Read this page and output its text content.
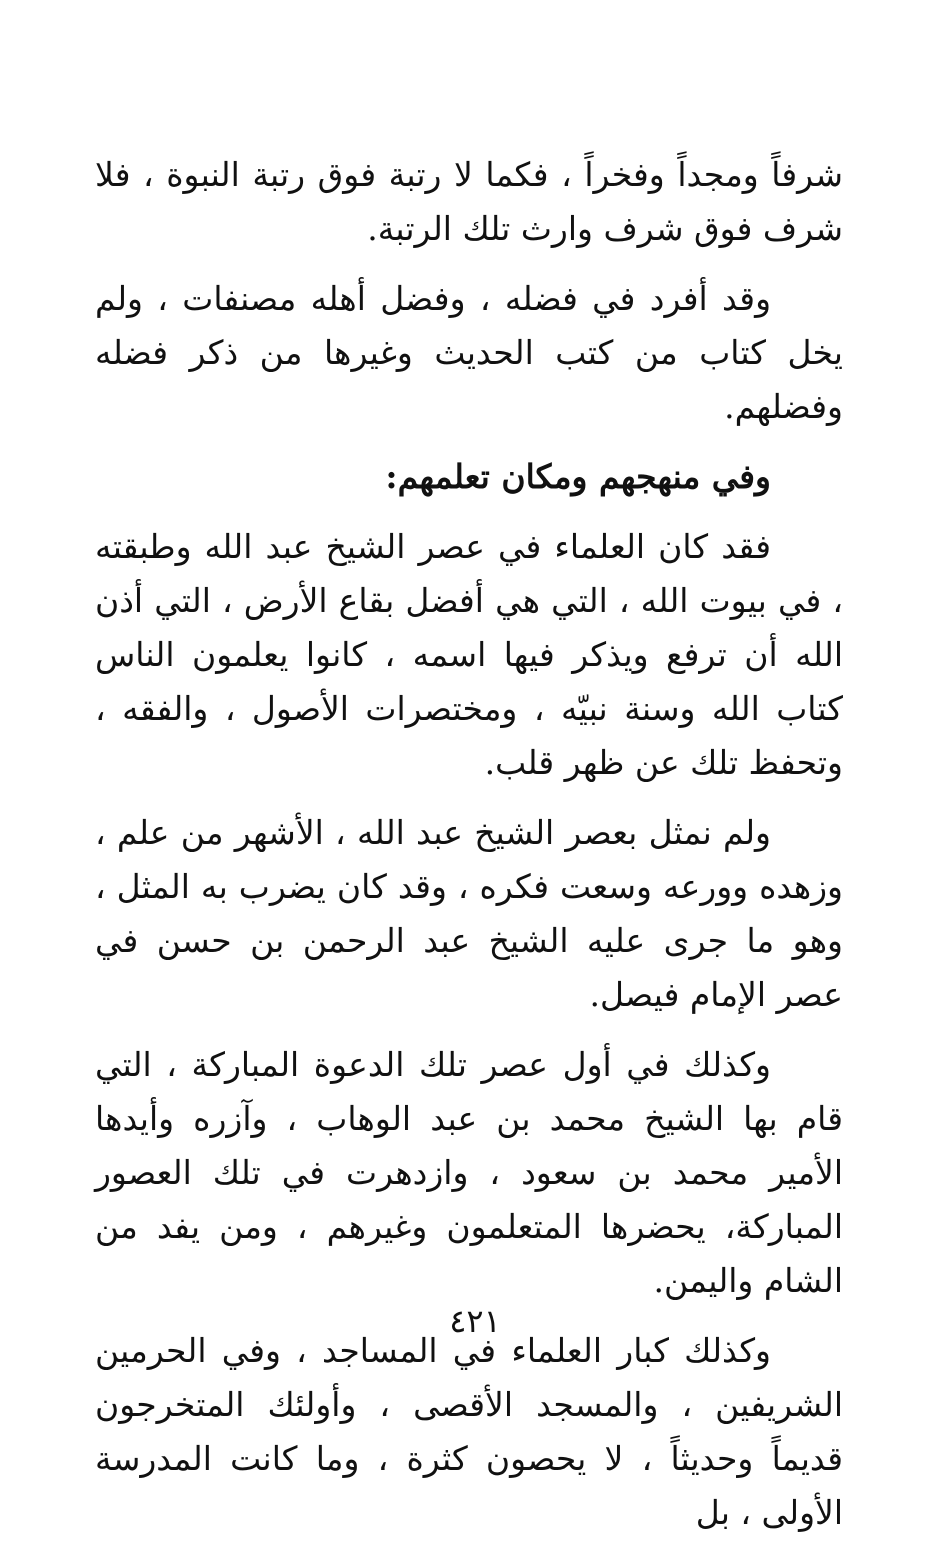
شرفاً ومجداً وفخراً ، فكما لا رتبة فوق رتبة النبوة ، فلا شرف فوق شرف وارث تلك الرتبة.

وقد أفرد في فضله ، وفضل أهله مصنفات ، ولم يخل كتاب من كتب الحديث وغيرها من ذكر فضله وفضلهم.

وفي منهجهم ومكان تعلمهم:

فقد كان العلماء في عصر الشيخ عبد الله وطبقته ، في بيوت الله ، التي هي أفضل بقاع الأرض ، التي أذن الله أن ترفع ويذكر فيها اسمه ، كانوا يعلمون الناس كتاب الله وسنة نبيّه ، ومختصرات الأصول ، والفقه ، وتحفظ تلك عن ظهر قلب.

ولم نمثل بعصر الشيخ عبد الله ، الأشهر من علم ، وزهده وورعه وسعت فكره ، وقد كان يضرب به المثل ، وهو ما جرى عليه الشيخ عبد الرحمن بن حسن في عصر الإمام فيصل.

وكذلك في أول عصر تلك الدعوة المباركة ، التي قام بها الشيخ محمد بن عبد الوهاب ، وآزره وأيدها الأمير محمد بن سعود ، وازدهرت في تلك العصور المباركة، يحضرها المتعلمون وغيرهم ، ومن يفد من الشام واليمن.

وكذلك كبار العلماء في المساجد ، وفي الحرمين الشريفين ، والمسجد الأقصى ، وأولئك المتخرجون قديماً وحديثاً ، لا يحصون كثرة ، وما كانت المدرسة الأولى ، بل

٤٢١
